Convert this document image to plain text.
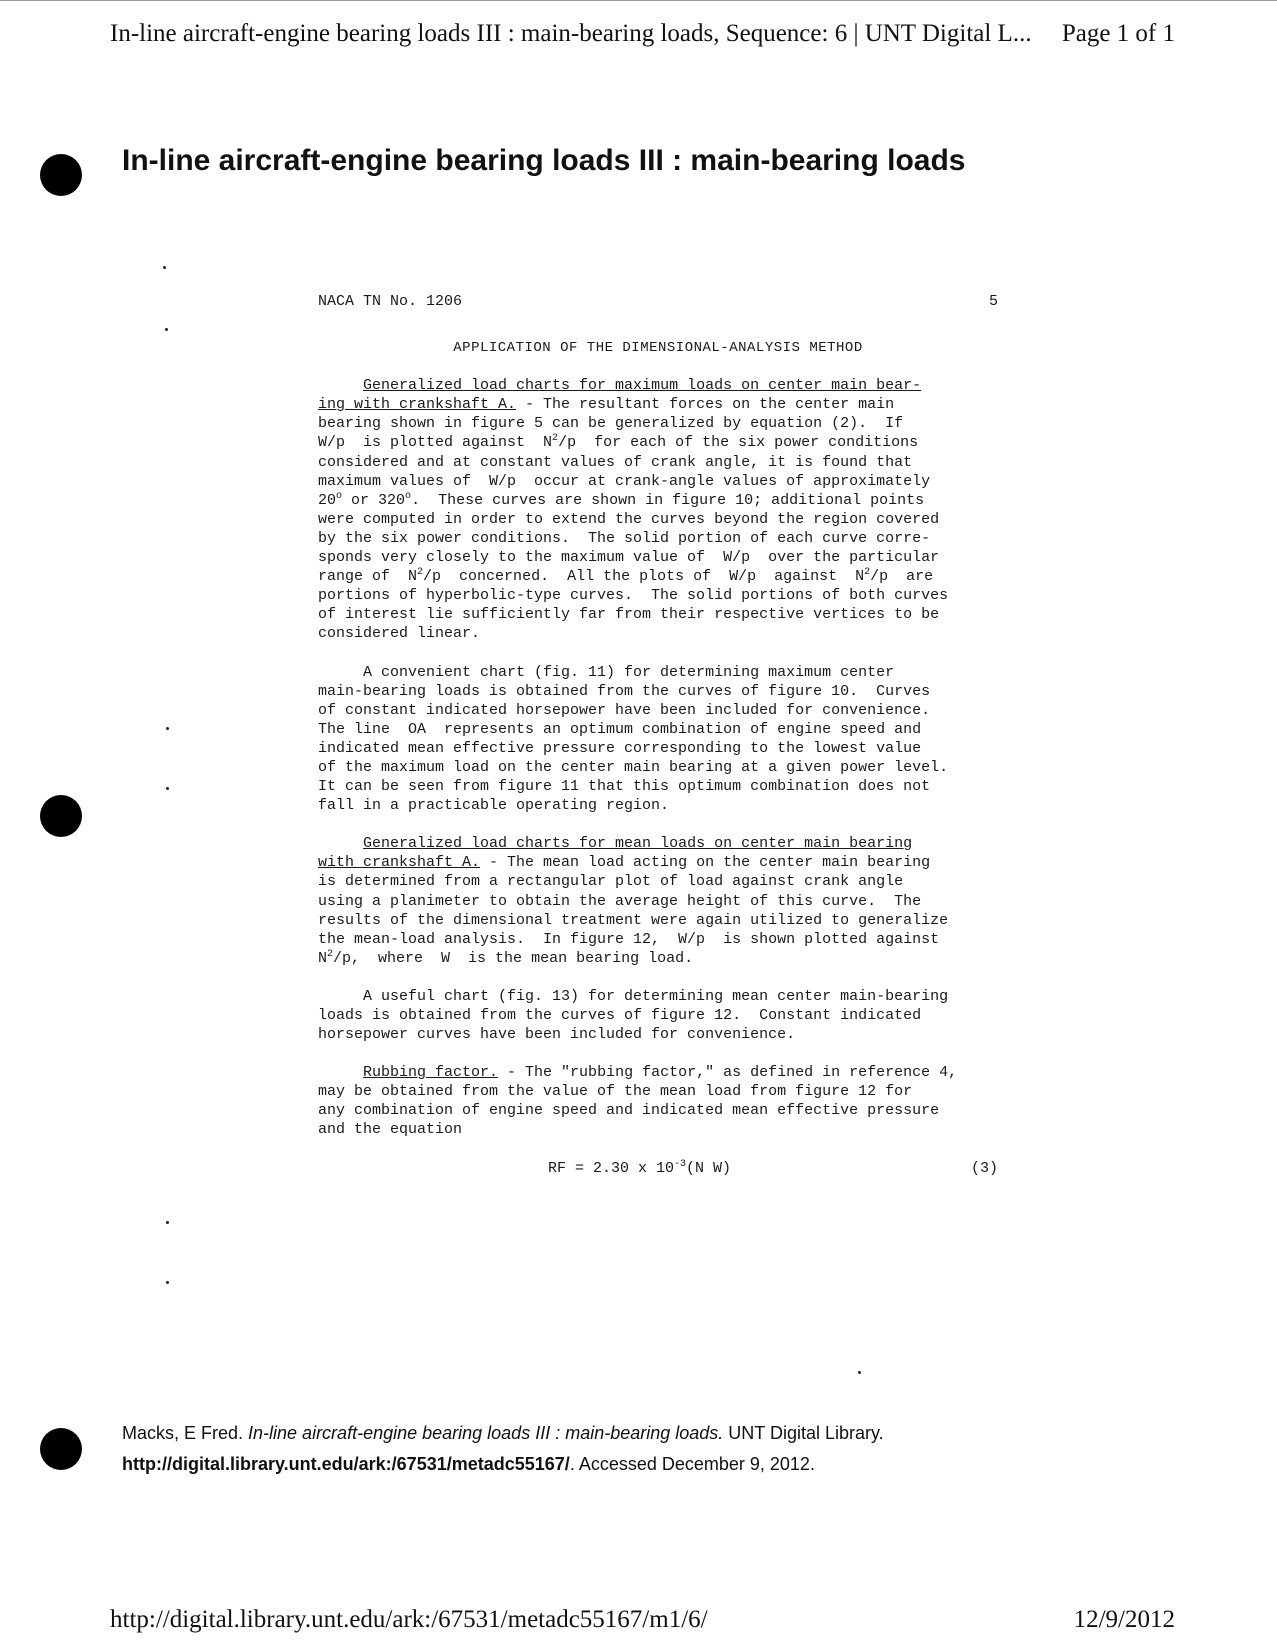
In-line aircraft-engine bearing loads III : main-bearing loads, Sequence: 6 | UNT Digital L... Page 1 of 1
In-line aircraft-engine bearing loads III : main-bearing loads
NACA TN No. 1206	5
APPLICATION OF THE DIMENSIONAL-ANALYSIS METHOD
Generalized load charts for maximum loads on center main bear-
ing with crankshaft A. - The resultant forces on the center main
bearing shown in figure 5 can be generalized by equation (2).  If
W/p  is plotted against  $N^2/p$  for each of the six power conditions
considered and at constant values of crank angle, it is found that
maximum values of  W/p  occur at crank-angle values of approximately
20$^o$ or 320$^o$.  These curves are shown in figure 10; additional points
were computed in order to extend the curves beyond the region covered
by the six power conditions.  The solid portion of each curve corre-
sponds very closely to the maximum value of  W/p  over the particular
range of  $N^2/p$  concerned.  All the plots of  W/p  against  $N^2/p$  are
portions of hyperbolic-type curves.  The solid portions of both curves
of interest lie sufficiently far from their respective vertices to be
considered linear.
A convenient chart (fig. 11) for determining maximum center
main-bearing loads is obtained from the curves of figure 10.  Curves
of constant indicated horsepower have been included for convenience.
The line  OA  represents an optimum combination of engine speed and
indicated mean effective pressure corresponding to the lowest value
of the maximum load on the center main bearing at a given power level.
It can be seen from figure 11 that this optimum combination does not
fall in a practicable operating region.
Generalized load charts for mean loads on center main bearing
with crankshaft A. - The mean load acting on the center main bearing
is determined from a rectangular plot of load against crank angle
using a planimeter to obtain the average height of this curve.  The
results of the dimensional treatment were again utilized to generalize
the mean-load analysis.  In figure 12,  W/p  is shown plotted against
$N^2/p$,  where  W  is the mean bearing load.
A useful chart (fig. 13) for determining mean center main-bearing
loads is obtained from the curves of figure 12.  Constant indicated
horsepower curves have been included for convenience.
Rubbing factor. - The "rubbing factor," as defined in reference 4,
may be obtained from the value of the mean load from figure 12 for
any combination of engine speed and indicated mean effective pressure
and the equation
RF = 2.30 x $10^{-3}(N$ W)	(3)
Macks, E Fred. In-line aircraft-engine bearing loads III : main-bearing loads. UNT Digital Library.
http://digital.library.unt.edu/ark:/67531/metadc55167/. Accessed December 9, 2012.
http://digital.library.unt.edu/ark:/67531/metadc55167/m1/6/	12/9/2012
